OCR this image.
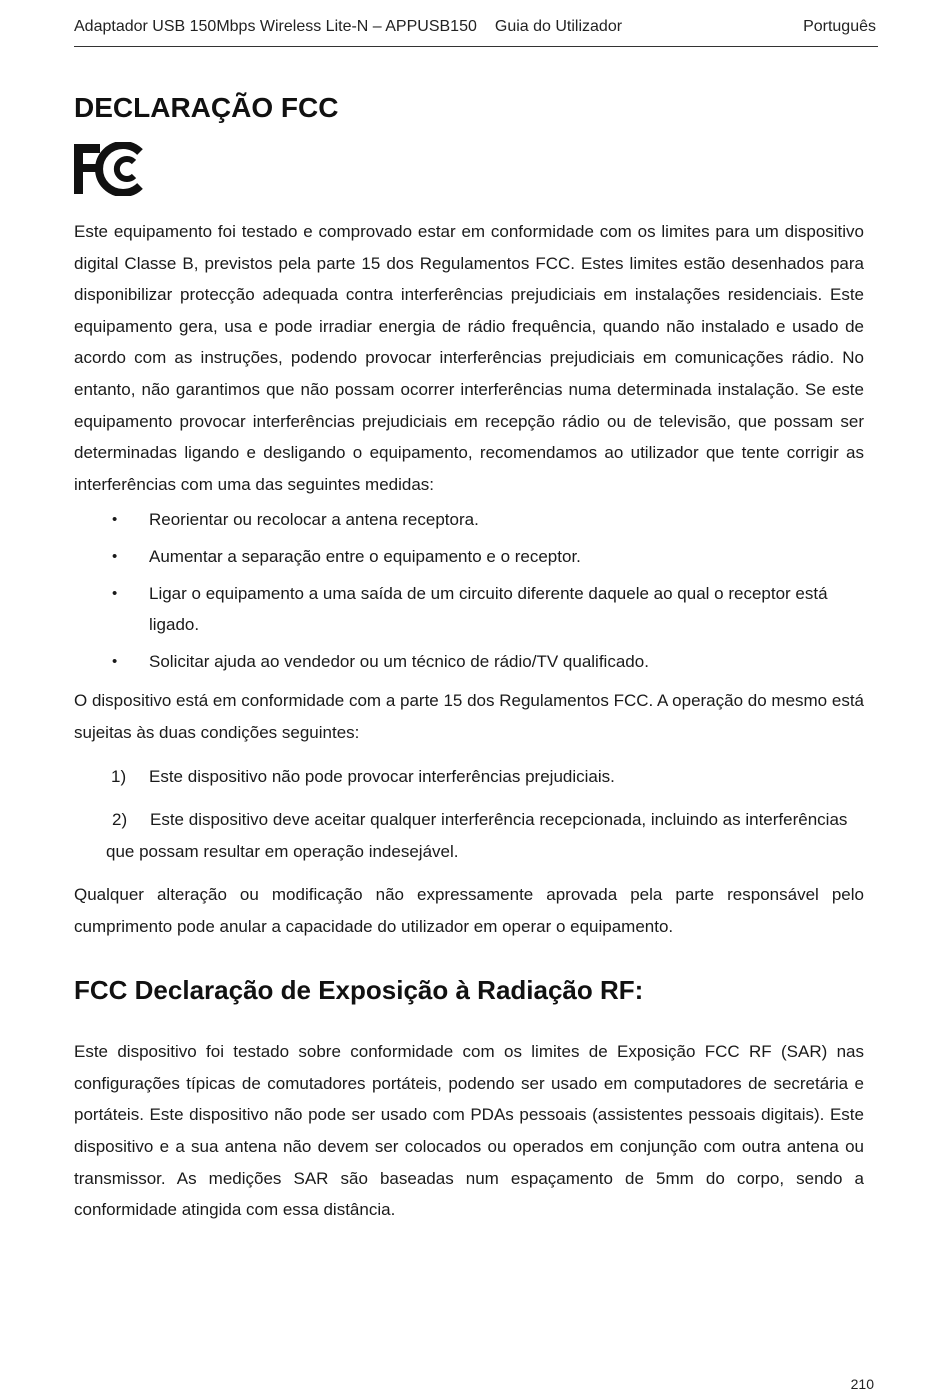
Adaptador USB 150Mbps Wireless Lite-N – APPUSB150 Guia do Utilizador	Português
DECLARAÇÃO FCC

Este equipamento foi testado e comprovado estar em conformidade com os limites para um dispositivo digital Classe B, previstos pela parte 15 dos Regulamentos FCC. Estes limites estão desenhados para disponibilizar protecção adequada contra interferências prejudiciais em instalações residenciais. Este equipamento gera, usa e pode irradiar energia de rádio frequência, quando não instalado e usado de acordo com as instruções, podendo provocar interferências prejudiciais em comunicações rádio. No entanto, não garantimos que não possam ocorrer interferências numa determinada instalação. Se este equipamento provocar interferências prejudiciais em recepção rádio ou de televisão, que possam ser determinadas ligando e desligando o equipamento, recomendamos ao utilizador que tente corrigir as interferências com uma das seguintes medidas:

• Reorientar ou recolocar a antena receptora.
• Aumentar a separação entre o equipamento e o receptor.
• Ligar o equipamento a uma saída de um circuito diferente daquele ao qual o receptor está ligado.
• Solicitar ajuda ao vendedor ou um técnico de rádio/TV qualificado.

O dispositivo está em conformidade com a parte 15 dos Regulamentos FCC. A operação do mesmo está sujeitas às duas condições seguintes:

1) Este dispositivo não pode provocar interferências prejudiciais.
2) Este dispositivo deve aceitar qualquer interferência recepcionada, incluindo as interferências que possam resultar em operação indesejável.

Qualquer alteração ou modificação não expressamente aprovada pela parte responsável pelo cumprimento pode anular a capacidade do utilizador em operar o equipamento.

FCC Declaração de Exposição à Radiação RF:

Este dispositivo foi testado sobre conformidade com os limites de Exposição FCC RF (SAR) nas configurações típicas de comutadores portáteis, podendo ser usado em computadores de secretária e portáteis. Este dispositivo não pode ser usado com PDAs pessoais (assistentes pessoais digitais). Este dispositivo e a sua antena não devem ser colocados ou operados em conjunção com outra antena ou transmissor. As medições SAR são baseadas num espaçamento de 5mm do corpo, sendo a conformidade atingida com essa distância.

210
